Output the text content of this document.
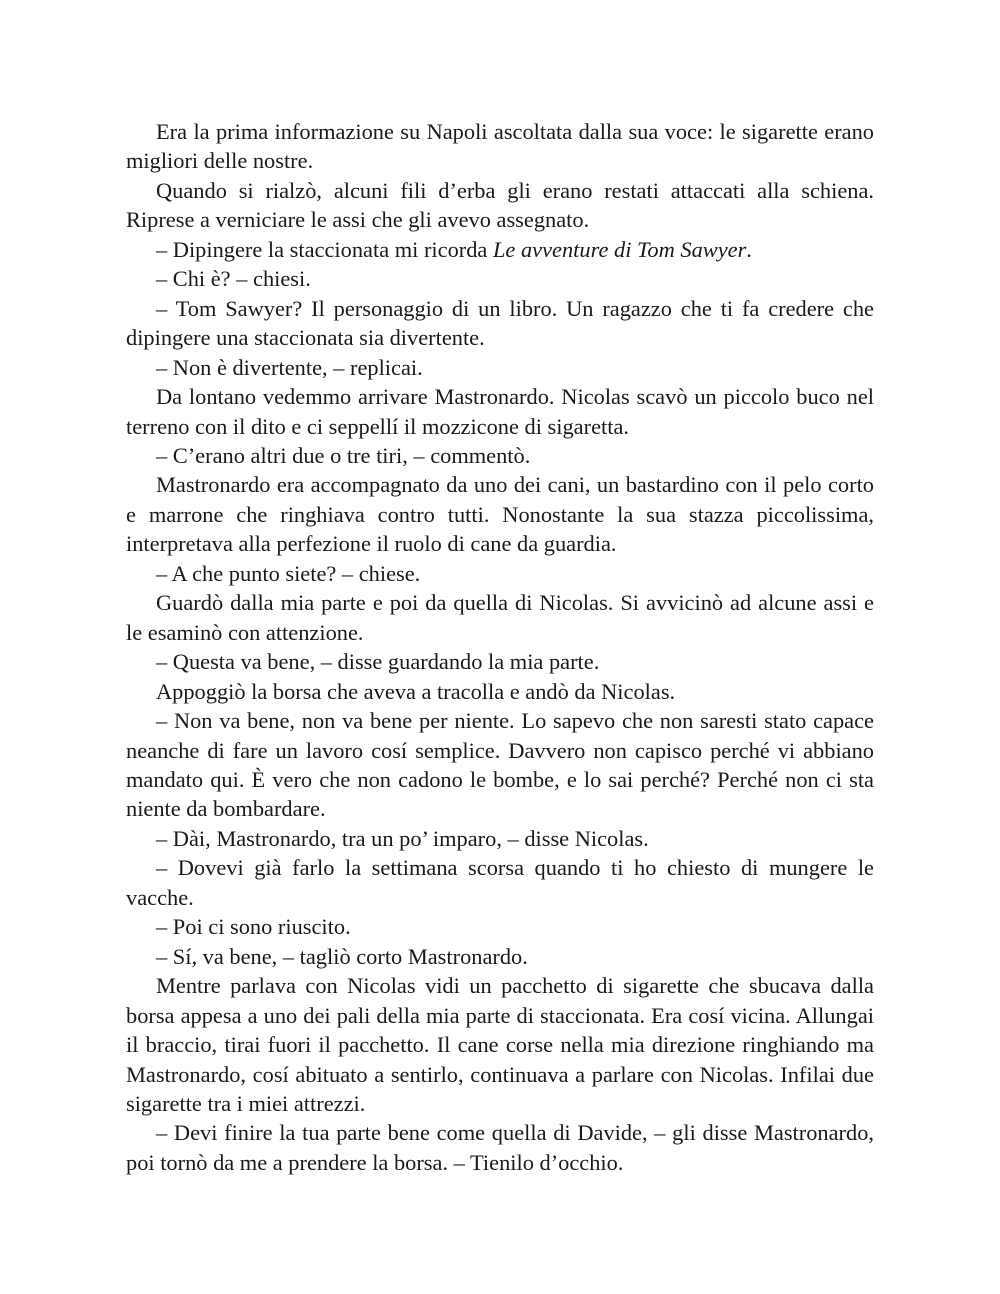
Era la prima informazione su Napoli ascoltata dalla sua voce: le sigarette erano migliori delle nostre.

Quando si rialzò, alcuni fili d’erba gli erano restati attaccati alla schiena. Riprese a verniciare le assi che gli avevo assegnato.

– Dipingere la staccionata mi ricorda Le avventure di Tom Sawyer.

– Chi è? – chiesi.

– Tom Sawyer? Il personaggio di un libro. Un ragazzo che ti fa credere che dipingere una staccionata sia divertente.

– Non è divertente, – replicai.

Da lontano vedemmo arrivare Mastronardo. Nicolas scavò un piccolo buco nel terreno con il dito e ci seppellí il mozzicone di sigaretta.

– C’erano altri due o tre tiri, – commentò.

Mastronardo era accompagnato da uno dei cani, un bastardino con il pelo corto e marrone che ringhiava contro tutti. Nonostante la sua stazza piccolissima, interpretava alla perfezione il ruolo di cane da guardia.

– A che punto siete? – chiese.

Guardò dalla mia parte e poi da quella di Nicolas. Si avvicinò ad alcune assi e le esaminò con attenzione.

– Questa va bene, – disse guardando la mia parte.

Appoggiò la borsa che aveva a tracolla e andò da Nicolas.

– Non va bene, non va bene per niente. Lo sapevo che non saresti stato capace neanche di fare un lavoro cosí semplice. Davvero non capisco perché vi abbiano mandato qui. È vero che non cadono le bombe, e lo sai perché? Perché non ci sta niente da bombardare.

– Dài, Mastronardo, tra un po’ imparo, – disse Nicolas.

– Dovevi già farlo la settimana scorsa quando ti ho chiesto di mungere le vacche.

– Poi ci sono riuscito.

– Sí, va bene, – tagliò corto Mastronardo.

Mentre parlava con Nicolas vidi un pacchetto di sigarette che sbucava dalla borsa appesa a uno dei pali della mia parte di staccionata. Era cosí vicina. Allungai il braccio, tirai fuori il pacchetto. Il cane corse nella mia direzione ringhiando ma Mastronardo, cosí abituato a sentirlo, continuava a parlare con Nicolas. Infilai due sigarette tra i miei attrezzi.

– Devi finire la tua parte bene come quella di Davide, – gli disse Mastronardo, poi tornò da me a prendere la borsa. – Tienilo d’occhio.
